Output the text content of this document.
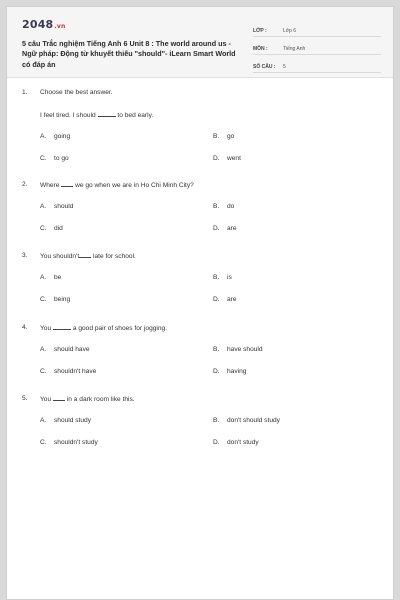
2048.vn
5 câu Trắc nghiệm Tiếng Anh 6 Unit 8 : The world around us - Ngữ pháp: Động từ khuyết thiếu "should"- iLearn Smart World có đáp án
LỚP :	Lớp 6
MÔN :	Tiếng Anh
SỐ CÂU :	5
1. Choose the best answer.
I feel tired. I should	to bed early.
A. going	B. go
C. to go	D. went
2. Where we go when we are in Ho Chi Minh City?
A. should	B. do
C. did	D. are
3. You shouldn't late for school.
A. be	B. is
C. being	D. are
4. You	a good pair of shoes for jogging.
A. should have	B. have should
C. shouldn't have	D. having
5. You in a dark room like this.
A. should study	B. don't should study
C. shouldn't study	D. don't study
